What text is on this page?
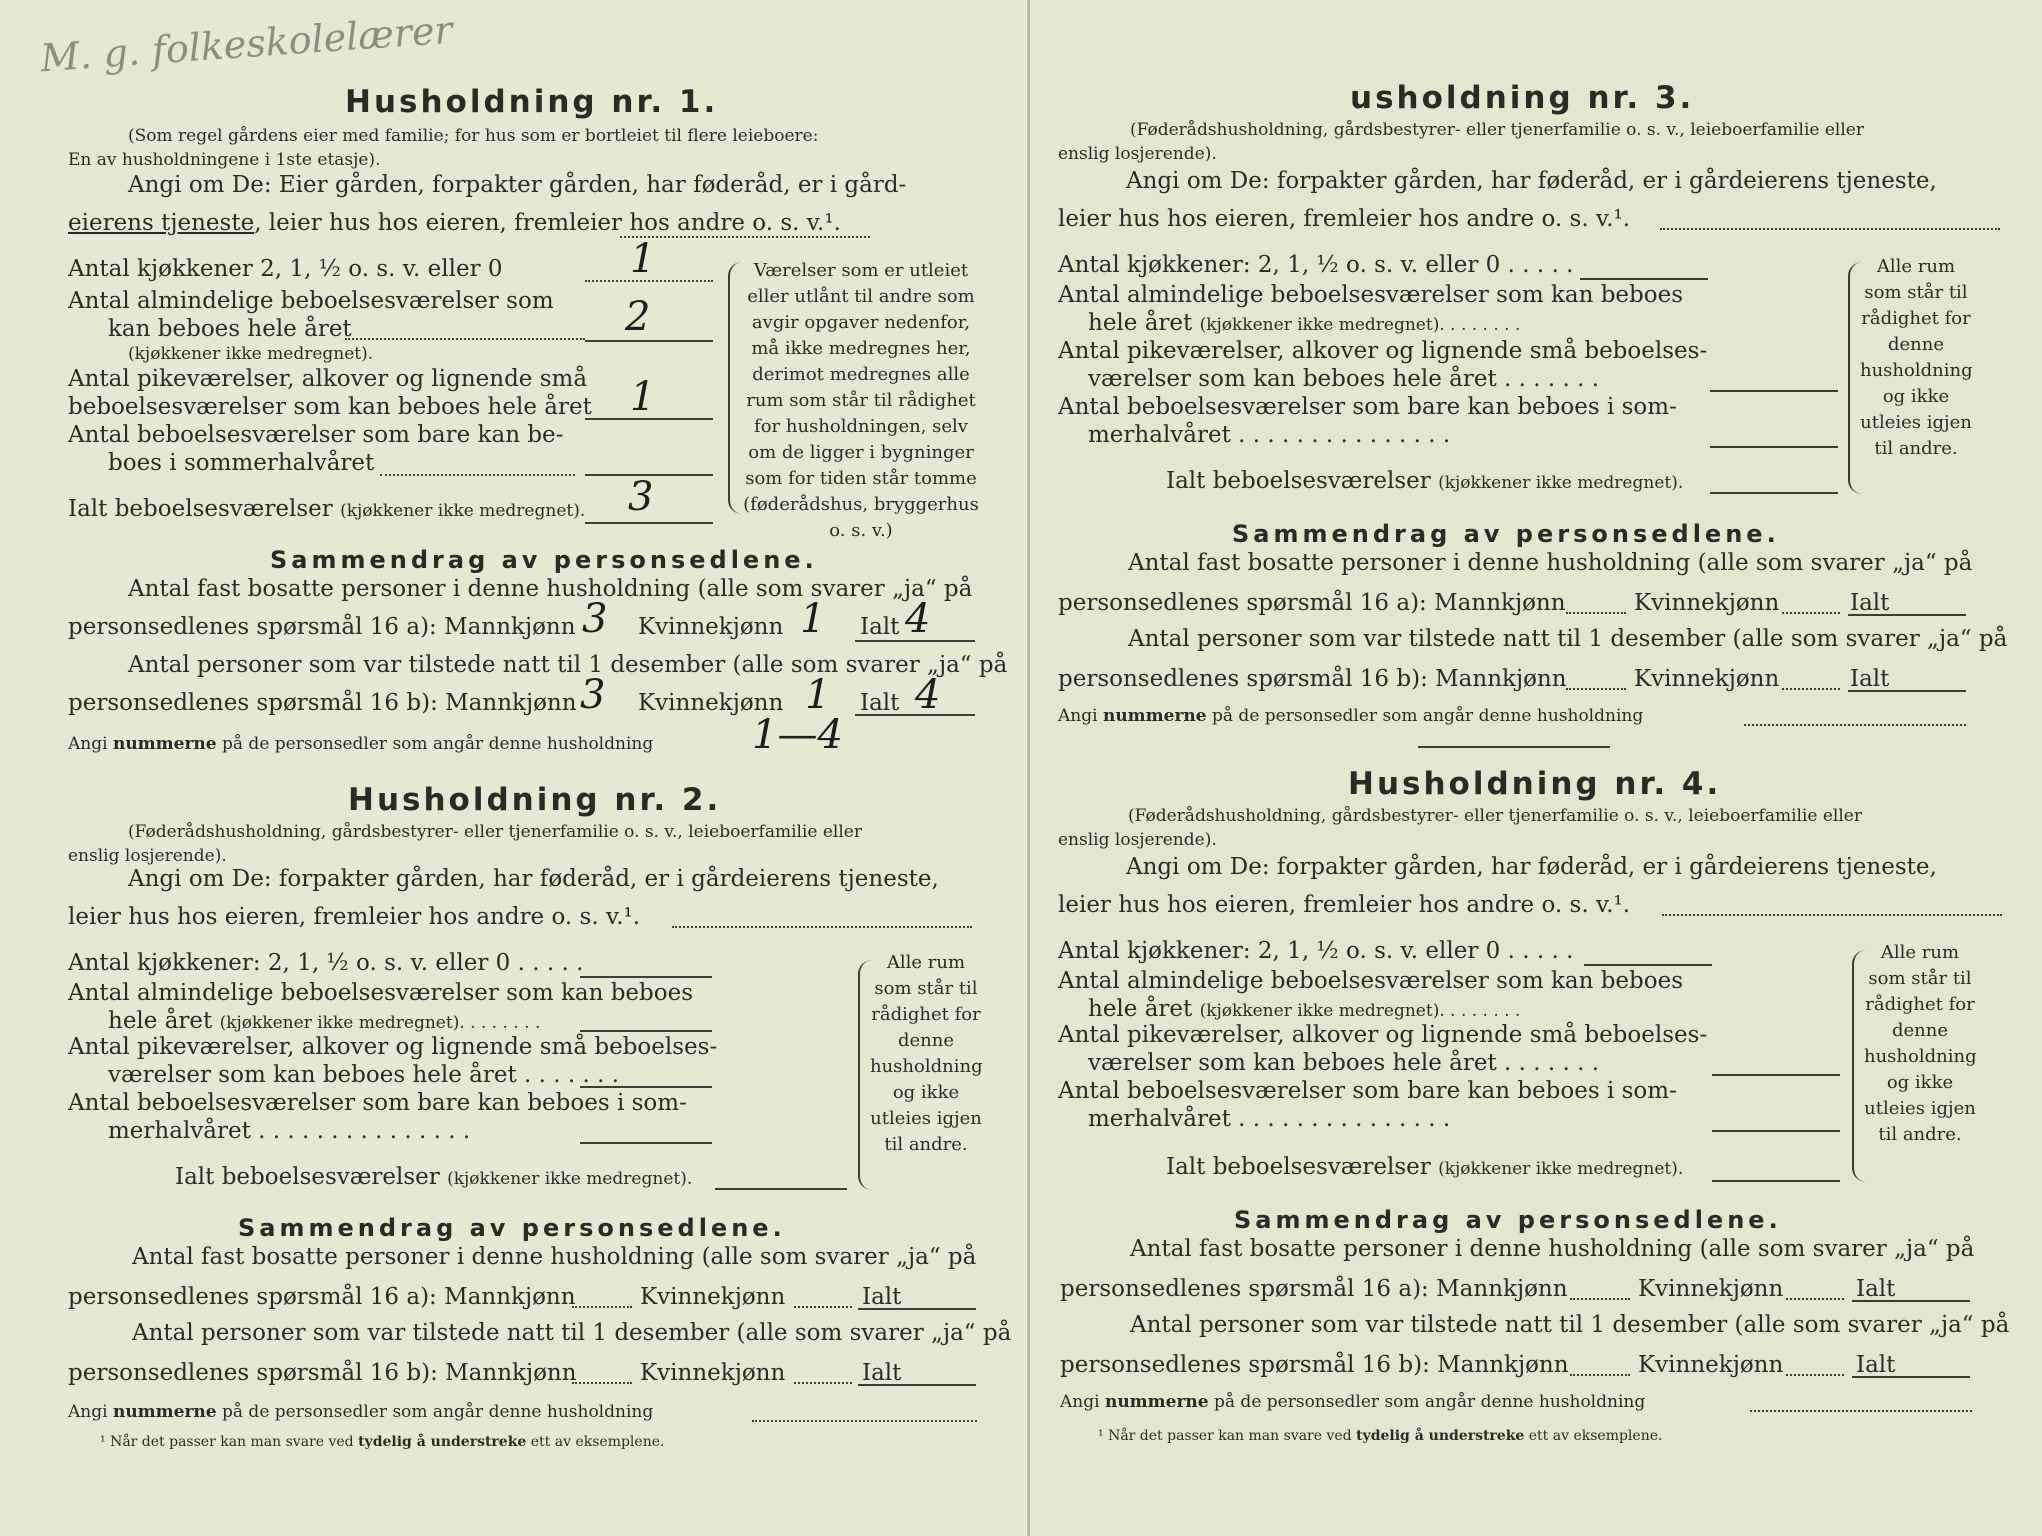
M. g. folkeskolelærer
Husholdning nr. 1.
(Som regel gårdens eier med familie; for hus som er bortleiet til flere leieboere:
En av husholdningene i 1ste etasje).
Angi om De: Eier gården, forpakter gården, har føderåd, er i gård-
eierens tjeneste, leier hus hos eieren, fremleier hos andre o. s. v.¹.
Antal kjøkkener 2, 1, ½ o. s. v. eller 0	1
Antal almindelige beboelsesværelser som
kan beboes hele året
(kjøkkener ikke medregnet).
2
Antal pikeværelser, alkover og lignende små
beboelsesværelser som kan beboes hele året 1
Antal beboelsesværelser som bare kan be-
boes i sommerhalvåret
Ialt beboelsesværelser (kjøkkener ikke medregnet). 3
Værelser som er utleiet eller utlånt til andre som avgir opgaver nedenfor, må ikke medregnes her, derimot medregnes alle rum som står til rådighet for husholdningen, selv om de ligger i bygninger som for tiden står tomme (føderådshus, bryggerhus o. s. v.)
Sammendrag av personsedlene.
Antal fast bosatte personer i denne husholdning (alle som svarer „ja“ på
personsedlenes spørsmål 16 a): Mannkjønn 3 Kvinnekjønn 1 Ialt 4
Antal personer som var tilstede natt til 1 desember (alle som svarer „ja“ på
personsedlenes spørsmål 16 b): Mannkjønn 3 Kvinnekjønn 1 Ialt 4
Angi nummerne på de personsedler som angår denne husholdning 1—4
Husholdning nr. 2.
(Føderådshusholdning, gårdsbestyrer- eller tjenerfamilie o. s. v., leieboerfamilie eller
enslig losjerende).
Angi om De: forpakter gården, har føderåd, er i gårdeierens tjeneste,
leier hus hos eieren, fremleier hos andre o. s. v.¹.
Antal kjøkkener: 2, 1, ½ o. s. v. eller 0 . . . . .
Antal almindelige beboelsesværelser som kan beboes
hele året (kjøkkener ikke medregnet). . . . . . . .
Antal pikeværelser, alkover og lignende små beboelses-
værelser som kan beboes hele året . . . . . . .
Antal beboelsesværelser som bare kan beboes i som-
merhalvåret . . . . . . . . . . . . . . .
Ialt beboelsesværelser (kjøkkener ikke medregnet).
Alle rum som står til rådighet for denne husholdning og ikke utleies igjen til andre.
Sammendrag av personsedlene.
Antal fast bosatte personer i denne husholdning (alle som svarer „ja“ på
personsedlenes spørsmål 16 a): Mannkjønn	Kvinnekjønn	Ialt
Antal personer som var tilstede natt til 1 desember (alle som svarer „ja“ på
personsedlenes spørsmål 16 b): Mannkjønn	Kvinnekjønn	Ialt
Angi nummerne på de personsedler som angår denne husholdning
¹ Når det passer kan man svare ved tydelig å understreke ett av eksemplene.
usholdning nr. 3.
(Føderådshusholdning, gårdsbestyrer- eller tjenerfamilie o. s. v., leieboerfamilie eller
enslig losjerende).
Angi om De: forpakter gården, har føderåd, er i gårdeierens tjeneste,
leier hus hos eieren, fremleier hos andre o. s. v.¹.
Antal kjøkkener: 2, 1, ½ o. s. v. eller 0 . . . . .
Antal almindelige beboelsesværelser som kan beboes
hele året (kjøkkener ikke medregnet). . . . . . . .
Antal pikeværelser, alkover og lignende små beboelses-
værelser som kan beboes hele året . . . . . . .
Antal beboelsesværelser som bare kan beboes i som-
merhalvåret . . . . . . . . . . . . . . .
Ialt beboelsesværelser (kjøkkener ikke medregnet).
Alle rum som står til rådighet for denne husholdning og ikke utleies igjen til andre.
Sammendrag av personsedlene.
Antal fast bosatte personer i denne husholdning (alle som svarer „ja“ på
personsedlenes spørsmål 16 a): Mannkjønn	Kvinnekjønn	Ialt
Antal personer som var tilstede natt til 1 desember (alle som svarer „ja“ på
personsedlenes spørsmål 16 b): Mannkjønn	Kvinnekjønn	Ialt
Angi nummerne på de personsedler som angår denne husholdning
Husholdning nr. 4.
(Føderådshusholdning, gårdsbestyrer- eller tjenerfamilie o. s. v., leieboerfamilie eller
enslig losjerende).
Angi om De: forpakter gården, har føderåd, er i gårdeierens tjeneste,
leier hus hos eieren, fremleier hos andre o. s. v.¹.
Antal kjøkkener: 2, 1, ½ o. s. v. eller 0 . . . . .
Antal almindelige beboelsesværelser som kan beboes
hele året (kjøkkener ikke medregnet). . . . . . . .
Antal pikeværelser, alkover og lignende små beboelses-
værelser som kan beboes hele året . . . . . . .
Antal beboelsesværelser som bare kan beboes i som-
merhalvåret . . . . . . . . . . . . . . .
Ialt beboelsesværelser (kjøkkener ikke medregnet).
Alle rum som står til rådighet for denne husholdning og ikke utleies igjen til andre.
Sammendrag av personsedlene.
Antal fast bosatte personer i denne husholdning (alle som svarer „ja“ på
personsedlenes spørsmål 16 a): Mannkjønn	Kvinnekjønn	Ialt
Antal personer som var tilstede natt til 1 desember (alle som svarer „ja“ på
personsedlenes spørsmål 16 b): Mannkjønn	Kvinnekjønn	Ialt
Angi nummerne på de personsedler som angår denne husholdning
¹ Når det passer kan man svare ved tydelig å understreke ett av eksemplene.
